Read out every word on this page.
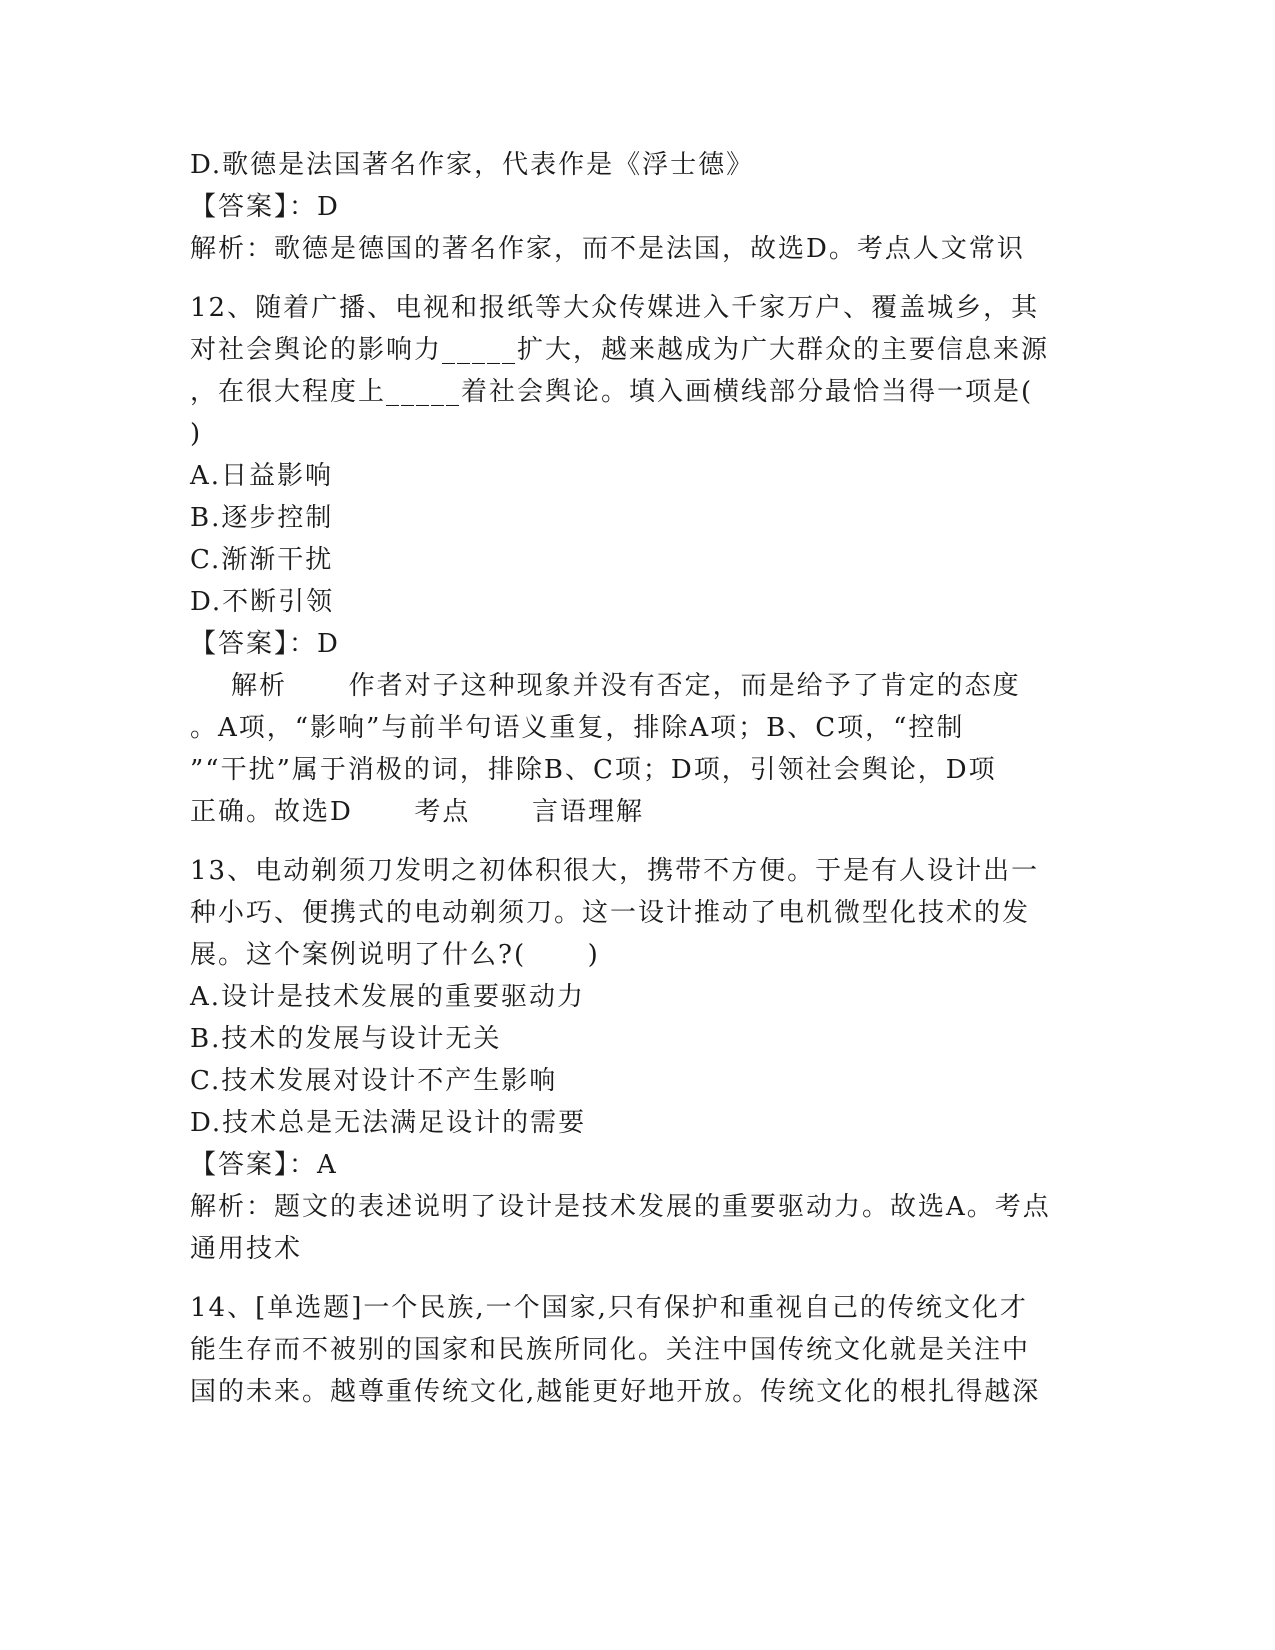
D.歌德是法国著名作家，代表作是《浮士德》

【答案】：D

解析：歌德是德国的著名作家，而不是法国，故选D。考点人文常识

12、随着广播、电视和报纸等大众传媒进入千家万户、覆盖城乡，其

对社会舆论的影响力_____扩大，越来越成为广大群众的主要信息来源

，在很大程度上_____着社会舆论。填入画横线部分最恰当得一项是(

)

A.日益影响

B.逐步控制

C.渐渐干扰

D.不断引领

【答案】：D

解析      作者对子这种现象并没有否定，而是给予了肯定的态度

。A项，“影响”与前半句语义重复，排除A项；B、C项，“控制

”“干扰”属于消极的词，排除B、C项；D项，引领社会舆论，D项

正确。故选D      考点      言语理解

13、电动剃须刀发明之初体积很大，携带不方便。于是有人设计出一

种小巧、便携式的电动剃须刀。这一设计推动了电机微型化技术的发

展。这个案例说明了什么?(      )

A.设计是技术发展的重要驱动力

B.技术的发展与设计无关

C.技术发展对设计不产生影响

D.技术总是无法满足设计的需要

【答案】：A

解析：题文的表述说明了设计是技术发展的重要驱动力。故选A。考点

通用技术

14、[单选题]一个民族,一个国家,只有保护和重视自己的传统文化才

能生存而不被别的国家和民族所同化。关注中国传统文化就是关注中

国的未来。越尊重传统文化,越能更好地开放。传统文化的根扎得越深
